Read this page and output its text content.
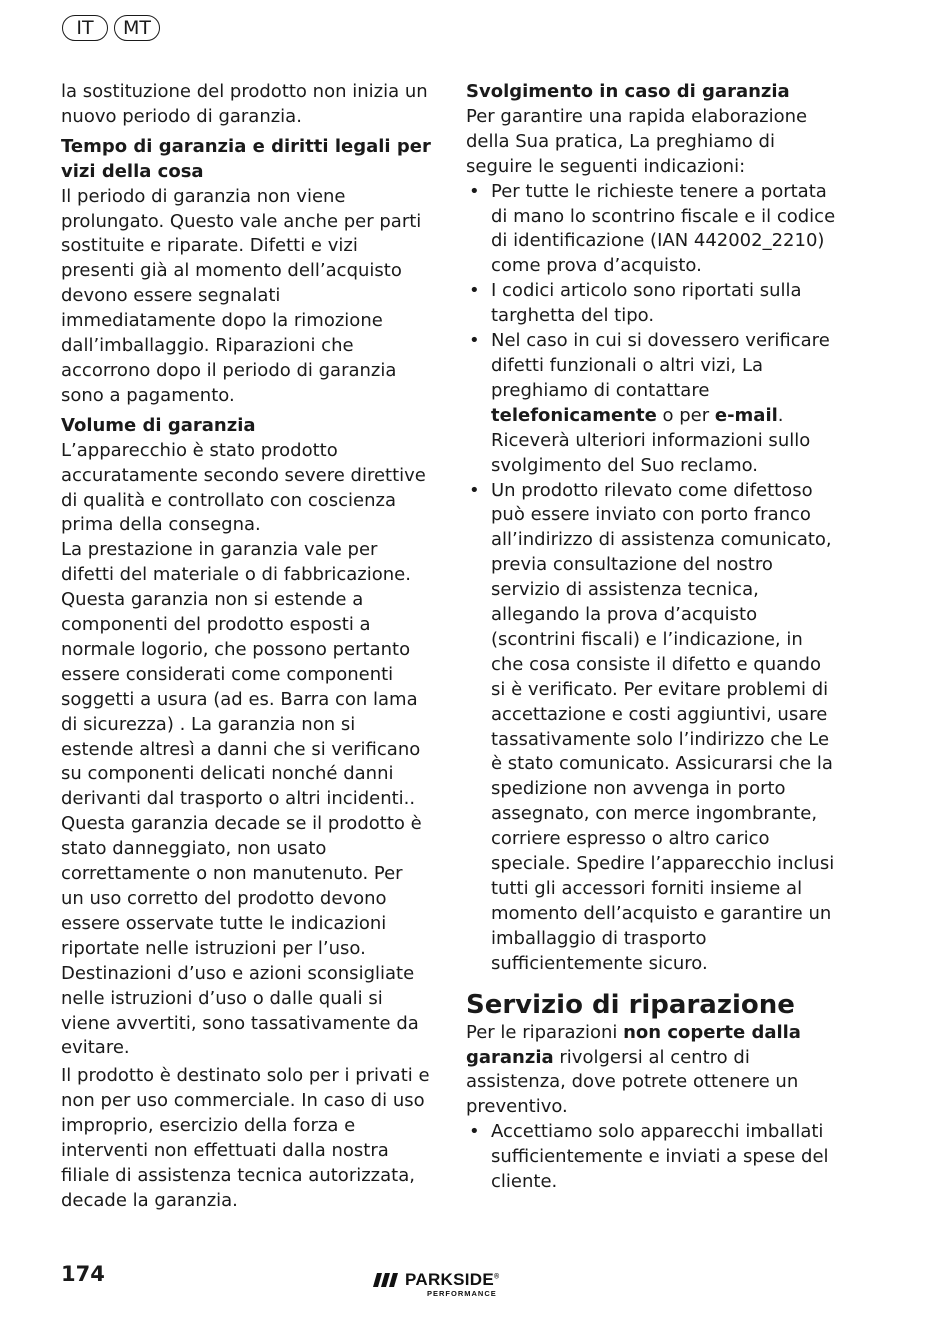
IT	MT

la sostituzione del prodotto non inizia un nuovo periodo di garanzia.

Tempo di garanzia e diritti legali per vizi della cosa

Il periodo di garanzia non viene prolungato. Questo vale anche per parti sostituite e riparate. Difetti e vizi presenti già al momento dell’acquisto devono essere segnalati immediatamente dopo la rimozione dall’imballaggio. Riparazioni che accorrono dopo il periodo di garanzia sono a pagamento.

Volume di garanzia

L’apparecchio è stato prodotto accuratamente secondo severe direttive di qualità e controllato con coscienza prima della consegna.

La prestazione in garanzia vale per difetti del materiale o di fabbricazione. Questa garanzia non si estende a componenti del prodotto esposti a normale logorio, che possono pertanto essere considerati come componenti soggetti a usura (ad es. Barra con lama di sicurezza) . La garanzia non si estende altresì a danni che si verificano su componenti delicati nonché danni derivanti dal trasporto o altri incidenti..

Questa garanzia decade se il prodotto è stato danneggiato, non usato correttamente o non manutenuto. Per un uso corretto del prodotto devono essere osservate tutte le indicazioni riportate nelle istruzioni per l’uso. Destinazioni d’uso e azioni sconsigliate nelle istruzioni d’uso o dalle quali si viene avvertiti, sono tassativamente da evitare.

Il prodotto è destinato solo per i privati e non per uso commerciale. In caso di uso improprio, esercizio della forza e interventi non effettuati dalla nostra filiale di assistenza tecnica autorizzata, decade la garanzia.

Svolgimento in caso di garanzia

Per garantire una rapida elaborazione della Sua pratica, La preghiamo di seguire le seguenti indicazioni:

• Per tutte le richieste tenere a portata di mano lo scontrino fiscale e il codice di identificazione (IAN 442002_2210) come prova d’acquisto.
• I codici articolo sono riportati sulla targhetta del tipo.
• Nel caso in cui si dovessero verificare difetti funzionali o altri vizi, La preghiamo di contattare telefonicamente o per e-mail. Riceverà ulteriori informazioni sullo svolgimento del Suo reclamo.
• Un prodotto rilevato come difettoso può essere inviato con porto franco all’indirizzo di assistenza comunicato, previa consultazione del nostro servizio di assistenza tecnica, allegando la prova d’acquisto (scontrini fiscali) e l’indicazione, in che cosa consiste il difetto e quando si è verificato. Per evitare problemi di accettazione e costi aggiuntivi, usare tassativamente solo l’indirizzo che Le è stato comunicato. Assicurarsi che la spedizione non avvenga in porto assegnato, con merce ingombrante, corriere espresso o altro carico speciale. Spedire l’apparecchio inclusi tutti gli accessori forniti insieme al momento dell’acquisto e garantire un imballaggio di trasporto sufficientemente sicuro.
Servizio di riparazione

Per le riparazioni non coperte dalla garanzia rivolgersi al centro di assistenza, dove potrete ottenere un preventivo.

• Accettiamo solo apparecchi imballati sufficientemente e inviati a spese del cliente.
174	PARKSIDE®
PERFORMANCE
